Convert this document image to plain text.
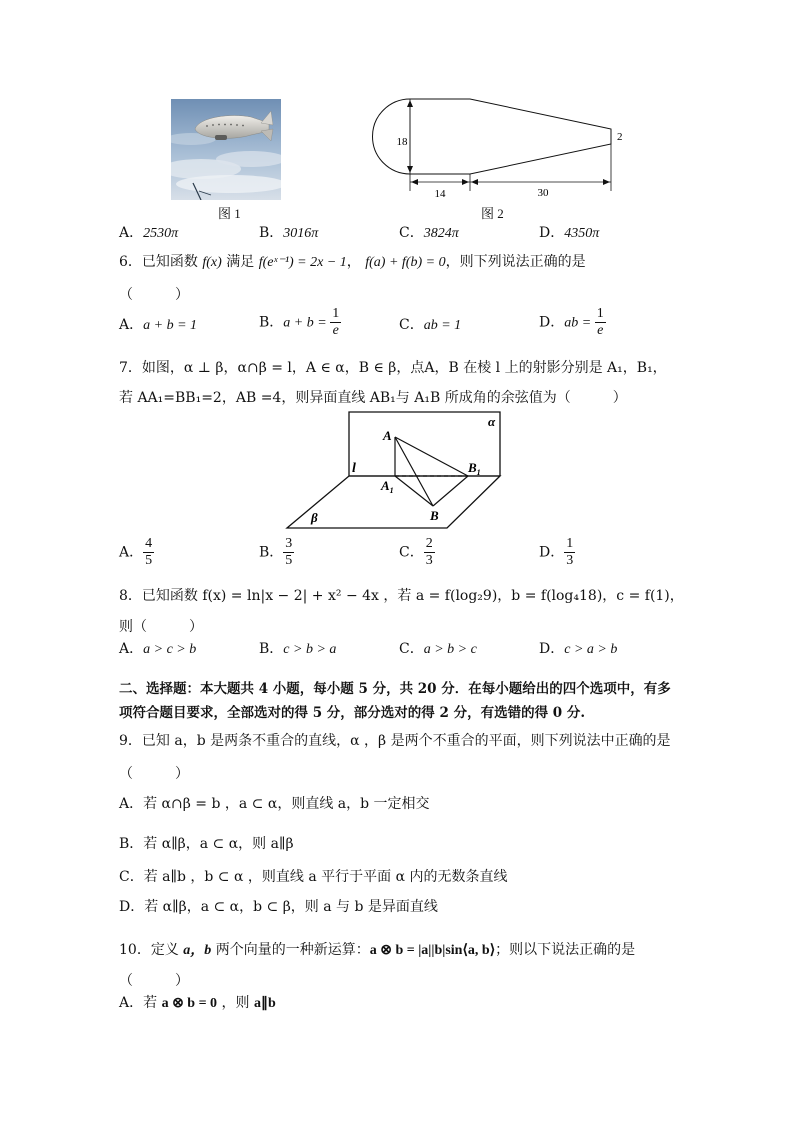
图 1
18
14	30
2
图 2
A．2530π	B．3016π	C．3824π	D．4350π
6．已知函数 f(x) 满足 f(eˣ⁻¹) = 2x − 1， f(a) + f(b) = 0，则下列说法正确的是
（　　　）
A．a + b = 1	B．$a + b = \frac{1}{e}$	C．ab = 1	D．ab = $\frac{1}{e}$
7．如图，α ⊥ β，α∩β = l，A ∈ α，B ∈ β，点A，B 在棱 l 上的射影分别是 A₁，B₁，
若 AA₁=BB₁=2，AB =4，则异面直线 AB₁与 A₁B 所成角的余弦值为（　　　）
α
β
l
A
$A_1$
B
$B_1$
A． $\frac{4}{5}$	B． $\frac{3}{5}$	C． $\frac{2}{3}$	D． $\frac{1}{3}$
8．已知函数 f(x) = ln|x − 2| + x² − 4x ，若 a = f(log₂9)，b = f(log₄18)，c = f(1)，
则（　　　）
A．a > c > b	B．c > b > a	C．a > b > c	D．c > a > b
二、选择题：本大题共 4 小题，每小题 5 分，共 20 分．在每小题给出的四个选项中，有多
项符合题目要求，全部选对的得 5 分，部分选对的得 2 分，有选错的得 0 分.
9．已知 a，b 是两条不重合的直线，α ，β 是两个不重合的平面，则下列说法中正确的是
（　　　）
A．若 α∩β = b ，a ⊂ α，则直线 a，b 一定相交
B．若 α∥β，a ⊂ α，则 a∥β
C．若 a∥b ，b ⊂ α ，则直线 a 平行于平面 α 内的无数条直线
D．若 α∥β，a ⊂ α，b ⊂ β，则 a 与 b 是异面直线
10．定义 a，b 两个向量的一种新运算：a ⊗ b = |a||b|sin⟨a, b⟩；则以下说法正确的是
（　　　）
A．若 a ⊗ b = 0 ，则 a∥b
